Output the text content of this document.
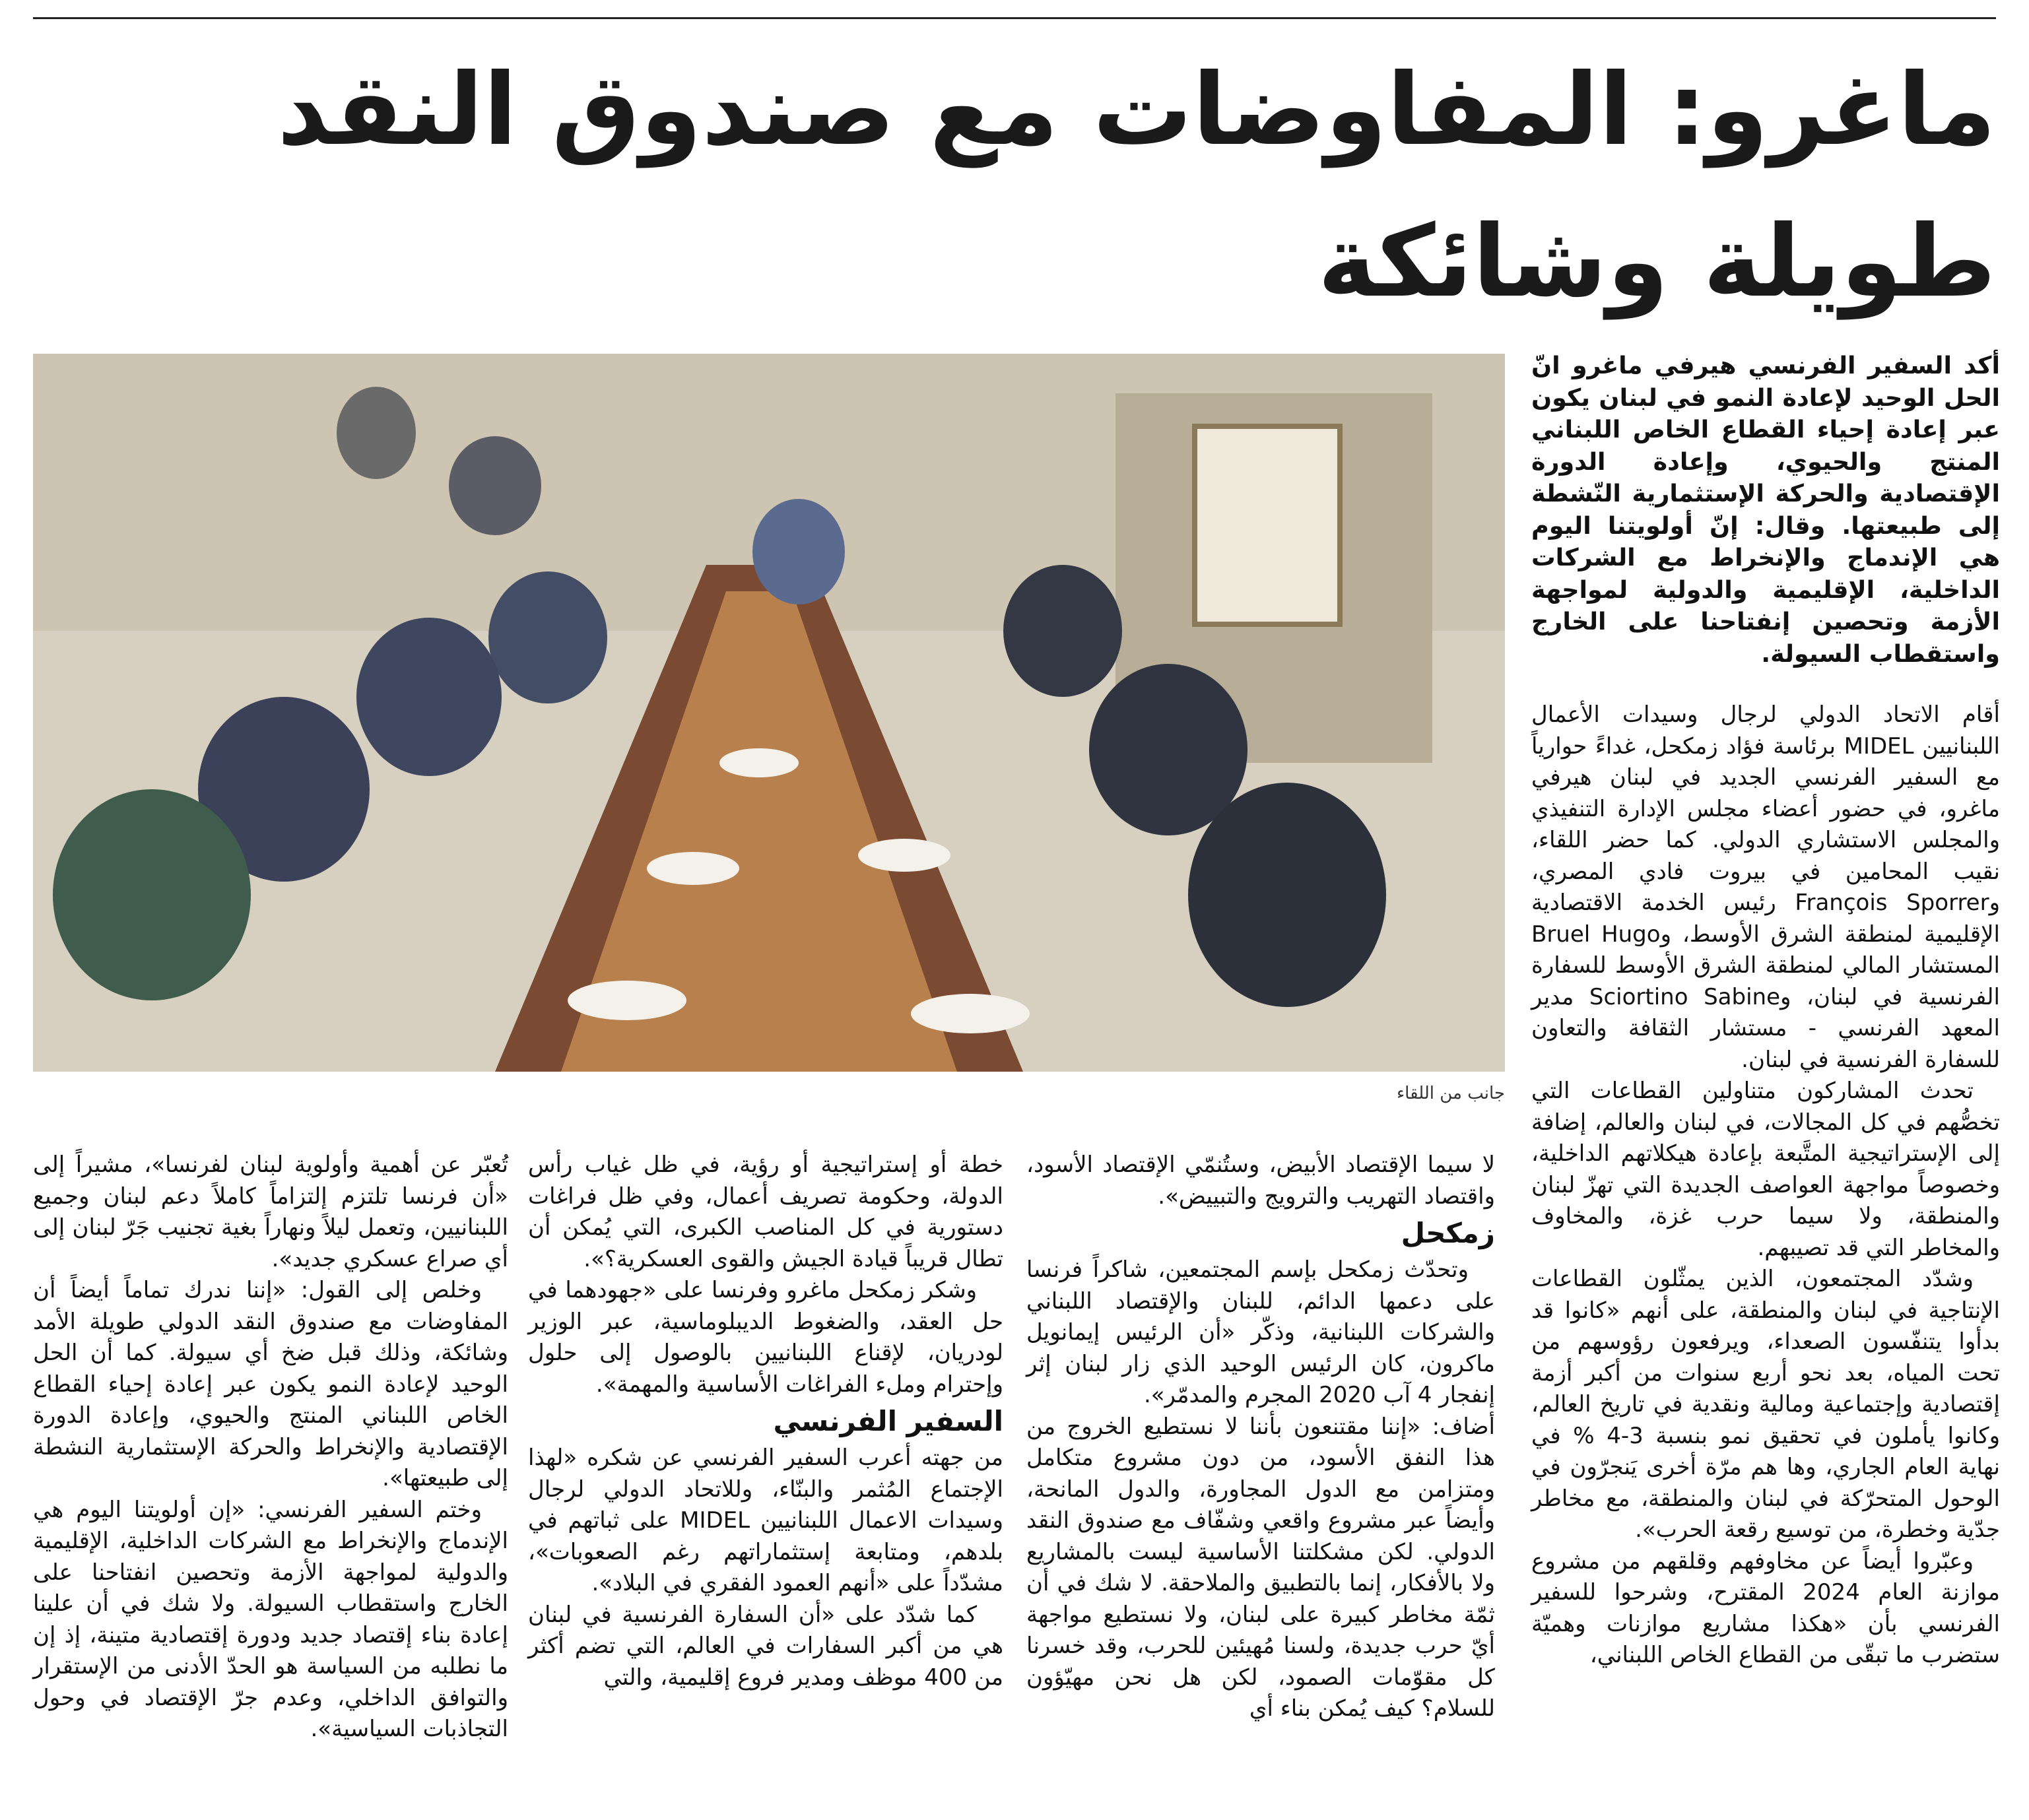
ماغرو: المفاوضات مع صندوق النقد طويلة وشائكة
جانب من اللقاء

أكد السفير الفرنسي هيرفي ماغرو انّ الحل الوحيد لإعادة النمو في لبنان يكون عبر إعادة إحياء القطاع الخاص اللبناني المنتج والحيوي، وإعادة الدورة الإقتصادية والحركة الإستثمارية النّشطة إلى طبيعتها. وقال: إنّ أولويتنا اليوم هي الإندماج والإنخراط مع الشركات الداخلية، الإقليمية والدولية لمواجهة الأزمة وتحصين إنفتاحنا على الخارج واستقطاب السيولة.

أقام الاتحاد الدولي لرجال وسيدات الأعمال اللبنانيين MIDEL برئاسة فؤاد زمكحل، غداءً حوارياً مع السفير الفرنسي الجديد في لبنان هيرفي ماغرو، في حضور أعضاء مجلس الإدارة التنفيذي والمجلس الاستشاري الدولي. كما حضر اللقاء، نقيب المحامين في بيروت فادي المصري، وFrançois Sporrer رئيس الخدمة الاقتصادية الإقليمية لمنطقة الشرق الأوسط، وBruel Hugo المستشار المالي لمنطقة الشرق الأوسط للسفارة الفرنسية في لبنان، وSciortino Sabine مدير المعهد الفرنسي - مستشار الثقافة والتعاون للسفارة الفرنسية في لبنان.

تحدث المشاركون متناولين القطاعات التي تخصُّهم في كل المجالات، في لبنان والعالم، إضافة إلى الإستراتيجية المتَّبعة بإعادة هيكلاتهم الداخلية، وخصوصاً مواجهة العواصف الجديدة التي تهزّ لبنان والمنطقة، ولا سيما حرب غزة، والمخاوف والمخاطر التي قد تصيبهم.

وشدّد المجتمعون، الذين يمثّلون القطاعات الإنتاجية في لبنان والمنطقة، على أنهم «كانوا قد بدأوا يتنفّسون الصعداء، ويرفعون رؤوسهم من تحت المياه، بعد نحو أربع سنوات من أكبر أزمة إقتصادية وإجتماعية ومالية ونقدية في تاريخ العالم، وكانوا يأملون في تحقيق نمو بنسبة 3-4 % في نهاية العام الجاري، وها هم مرّة أخرى يَنجرّون في الوحول المتحرّكة في لبنان والمنطقة، مع مخاطر جدّية وخطرة، من توسيع رقعة الحرب».

وعبّروا أيضاً عن مخاوفهم وقلقهم من مشروع موازنة العام 2024 المقترح، وشرحوا للسفير الفرنسي بأن «هكذا مشاريع موازنات وهميّة ستضرب ما تبقّى من القطاع الخاص اللبناني،

لا سيما الإقتصاد الأبيض، وستُنمّي الإقتصاد الأسود، واقتصاد التهريب والترويج والتبييض».

زمكحل

وتحدّث زمكحل بإسم المجتمعين، شاكراً فرنسا على دعمها الدائم، للبنان والإقتصاد اللبناني والشركات اللبنانية، وذكّر «أن الرئيس إيمانويل ماكرون، كان الرئيس الوحيد الذي زار لبنان إثر إنفجار 4 آب 2020 المجرم والمدمّر».

أضاف: «إننا مقتنعون بأننا لا نستطيع الخروج من هذا النفق الأسود، من دون مشروع متكامل ومتزامن مع الدول المجاورة، والدول المانحة، وأيضاً عبر مشروع واقعي وشفّاف مع صندوق النقد الدولي. لكن مشكلتنا الأساسية ليست بالمشاريع ولا بالأفكار، إنما بالتطبيق والملاحقة. لا شك في أن ثمّة مخاطر كبيرة على لبنان، ولا نستطيع مواجهة أيّ حرب جديدة، ولسنا مُهيئين للحرب، وقد خسرنا كل مقوّمات الصمود، لكن هل نحن مهيّؤون للسلام؟ كيف يُمكن بناء أي

خطة أو إستراتيجية أو رؤية، في ظل غياب رأس الدولة، وحكومة تصريف أعمال، وفي ظل فراغات دستورية في كل المناصب الكبرى، التي يُمكن أن تطال قريباً قيادة الجيش والقوى العسكرية؟».

وشكر زمكحل ماغرو وفرنسا على «جهودهما في حل العقد، والضغوط الديبلوماسية، عبر الوزير لودريان، لإقناع اللبنانيين بالوصول إلى حلول وإحترام وملء الفراغات الأساسية والمهمة».

السفير الفرنسي

من جهته أعرب السفير الفرنسي عن شكره «لهذا الإجتماع المُثمر والبنّاء، وللاتحاد الدولي لرجال وسيدات الاعمال اللبنانيين MIDEL على ثباتهم في بلدهم، ومتابعة إستثماراتهم رغم الصعوبات»، مشدّداً على «أنهم العمود الفقري في البلاد».

كما شدّد على «أن السفارة الفرنسية في لبنان هي من أكبر السفارات في العالم، التي تضم أكثر من 400 موظف ومدير فروع إقليمية، والتي

تُعبّر عن أهمية وأولوية لبنان لفرنسا»، مشيراً إلى «أن فرنسا تلتزم إلتزاماً كاملاً دعم لبنان وجميع اللبنانيين، وتعمل ليلاً ونهاراً بغية تجنيب جَرّ لبنان إلى أي صراع عسكري جديد».

وخلص إلى القول: «إننا ندرك تماماً أيضاً أن المفاوضات مع صندوق النقد الدولي طويلة الأمد وشائكة، وذلك قبل ضخ أي سيولة. كما أن الحل الوحيد لإعادة النمو يكون عبر إعادة إحياء القطاع الخاص اللبناني المنتج والحيوي، وإعادة الدورة الإقتصادية والإنخراط والحركة الإستثمارية النشطة إلى طبيعتها».

وختم السفير الفرنسي: «إن أولويتنا اليوم هي الإندماج والإنخراط مع الشركات الداخلية، الإقليمية والدولية لمواجهة الأزمة وتحصين انفتاحنا على الخارج واستقطاب السيولة. ولا شك في أن علينا إعادة بناء إقتصاد جديد ودورة إقتصادية متينة، إذ إن ما نطلبه من السياسة هو الحدّ الأدنى من الإستقرار والتوافق الداخلي، وعدم جرّ الإقتصاد في وحول التجاذبات السياسية».
